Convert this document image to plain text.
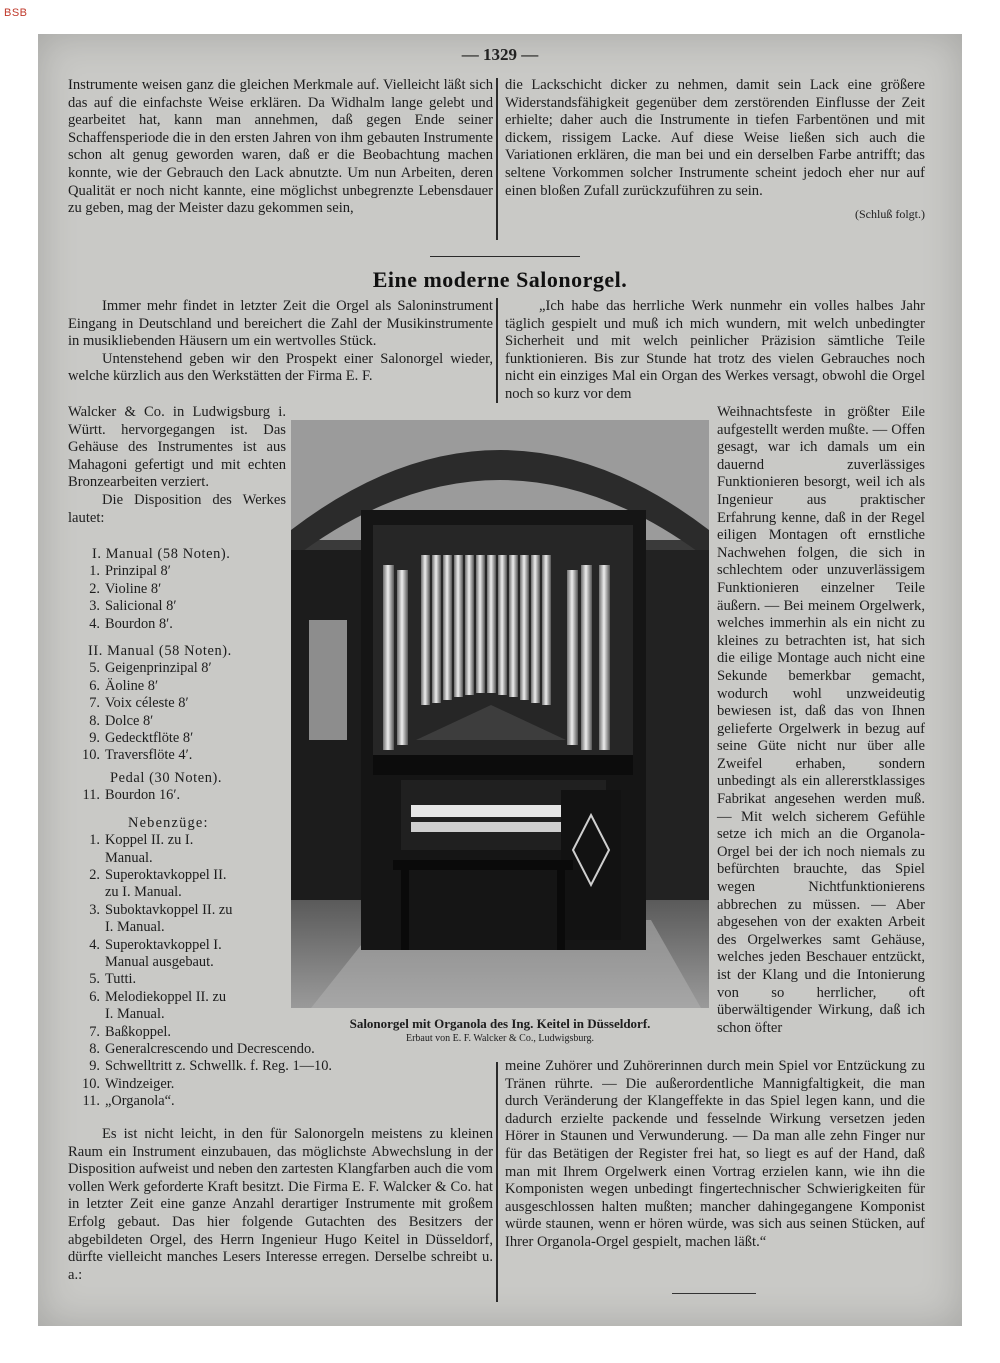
BSB
— 1329 —

Instrumente weisen ganz die gleichen Merkmale auf. Vielleicht läßt sich das auf die einfachste Weise erklären. Da Widhalm lange gelebt und gearbeitet hat, kann man annehmen, daß gegen Ende seiner Schaffensperiode die in den ersten Jahren von ihm gebauten Instrumente schon alt genug geworden waren, daß er die Beobachtung machen konnte, wie der Gebrauch den Lack abnutzte. Um nun Arbeiten, deren Qualität er noch nicht kannte, eine möglichst unbegrenzte Lebensdauer zu geben, mag der Meister dazu gekommen sein,

die Lackschicht dicker zu nehmen, damit sein Lack eine größere Widerstandsfähigkeit gegenüber dem zerstörenden Einflusse der Zeit erhielte; daher auch die Instrumente in tiefen Farbentönen und mit dickem, rissigem Lacke. Auf diese Weise ließen sich auch die Variationen erklären, die man bei und ein derselben Farbe antrifft; das seltene Vorkommen solcher Instrumente scheint jedoch eher nur auf einen bloßen Zufall zurückzuführen zu sein.

(Schluß folgt.)
Eine moderne Salonorgel.

Immer mehr findet in letzter Zeit die Orgel als Saloninstrument Eingang in Deutschland und bereichert die Zahl der Musikinstrumente in musikliebenden Häusern um ein wertvolles Stück.

Untenstehend geben wir den Prospekt einer Salonorgel wieder, welche kürzlich aus den Werkstätten der Firma E. F.

Walcker & Co. in Ludwigsburg i. Württ. hervorgegangen ist. Das Gehäuse des Instrumentes ist aus Mahagoni gefertigt und mit echten Bronzearbeiten verziert.

Die Disposition des Werkes lautet:

I. Manual (58 Noten).
1. Prinzipal 8′
2. Violine 8′
3. Salicional 8′
4. Bourdon 8′.
II. Manual (58 Noten).
5. Geigenprinzipal 8′
6. Äoline 8′
7. Voix céleste 8′
8. Dolce 8′
9. Gedecktflöte 8′
10. Traversflöte 4′.
Pedal (30 Noten).
11. Bourdon 16′.
Nebenzüge:
1. Koppel II. zu I.
Manual.
2. Superoktavkoppel II.
zu I. Manual.
3. Suboktavkoppel II. zu
I. Manual.
4. Superoktavkoppel I.
Manual ausgebaut.
5. Tutti.
6. Melodiekoppel II. zu
I. Manual.
7. Baßkoppel.
8. Generalcrescendo und Decrescendo.
9. Schwelltritt z. Schwellk. f. Reg. 1—10.
10. Windzeiger.
11. „Organola“.
Salonorgel mit Organola des Ing. Keitel in Düsseldorf.
Erbaut von E. F. Walcker & Co., Ludwigsburg.

Es ist nicht leicht, in den für Salonorgeln meistens zu kleinen Raum ein Instrument einzubauen, das möglichste Abwechslung in der Disposition aufweist und neben den zartesten Klangfarben auch die vom vollen Werk geforderte Kraft besitzt. Die Firma E. F. Walcker & Co. hat in letzter Zeit eine ganze Anzahl derartiger Instrumente mit großem Erfolg gebaut. Das hier folgende Gutachten des Besitzers der abgebildeten Orgel, des Herrn Ingenieur Hugo Keitel in Düsseldorf, dürfte vielleicht manches Lesers Interesse erregen. Derselbe schreibt u. a.:

„Ich habe das herrliche Werk nunmehr ein volles halbes Jahr täglich gespielt und muß ich mich wundern, mit welch unbedingter Sicherheit und mit welch peinlicher Präzision sämtliche Teile funktionieren. Bis zur Stunde hat trotz des vielen Gebrauches noch nicht ein einziges Mal ein Organ des Werkes versagt, obwohl die Orgel noch so kurz vor dem

Weihnachtsfeste in größter Eile aufgestellt werden mußte. — Offen gesagt, war ich damals um ein dauernd zuverlässiges Funktionieren besorgt, weil ich als Ingenieur aus praktischer Erfahrung kenne, daß in der Regel eiligen Montagen oft ernstliche Nachwehen folgen, die sich in schlechtem oder unzuverlässigem Funktionieren einzelner Teile äußern. — Bei meinem Orgelwerk, welches immerhin als ein nicht zu kleines zu betrachten ist, hat sich die eilige Montage auch nicht eine Sekunde bemerkbar gemacht, wodurch wohl unzweideutig bewiesen ist, daß das von Ihnen gelieferte Orgelwerk in bezug auf seine Güte nicht nur über alle Zweifel erhaben, sondern unbedingt als ein allererstklassiges Fabrikat angesehen werden muß. — Mit welch sicherem Gefühle setze ich mich an die Organola-Orgel bei der ich noch niemals zu befürchten brauchte, das Spiel wegen Nichtfunktionierens abbrechen zu müssen. — Aber abgesehen von der exakten Arbeit des Orgelwerkes samt Gehäuse, welches jeden Beschauer entzückt, ist der Klang und die Intonierung von so herrlicher, oft überwältigender Wirkung, daß ich schon öfter

meine Zuhörer und Zuhörerinnen durch mein Spiel vor Entzückung zu Tränen rührte. — Die außerordentliche Mannigfaltigkeit, die man durch Veränderung der Klangeffekte in das Spiel legen kann, und die dadurch erzielte packende und fesselnde Wirkung versetzen jeden Hörer in Staunen und Verwunderung. — Da man alle zehn Finger nur für das Betätigen der Register frei hat, so liegt es auf der Hand, daß man mit Ihrem Orgelwerk einen Vortrag erzielen kann, wie ihn die Komponisten wegen unbedingt fingertechnischer Schwierigkeiten für ausgeschlossen halten mußten; mancher dahingegangene Komponist würde staunen, wenn er hören würde, was sich aus seinen Stücken, auf Ihrer Organola-Orgel gespielt, machen läßt.“
